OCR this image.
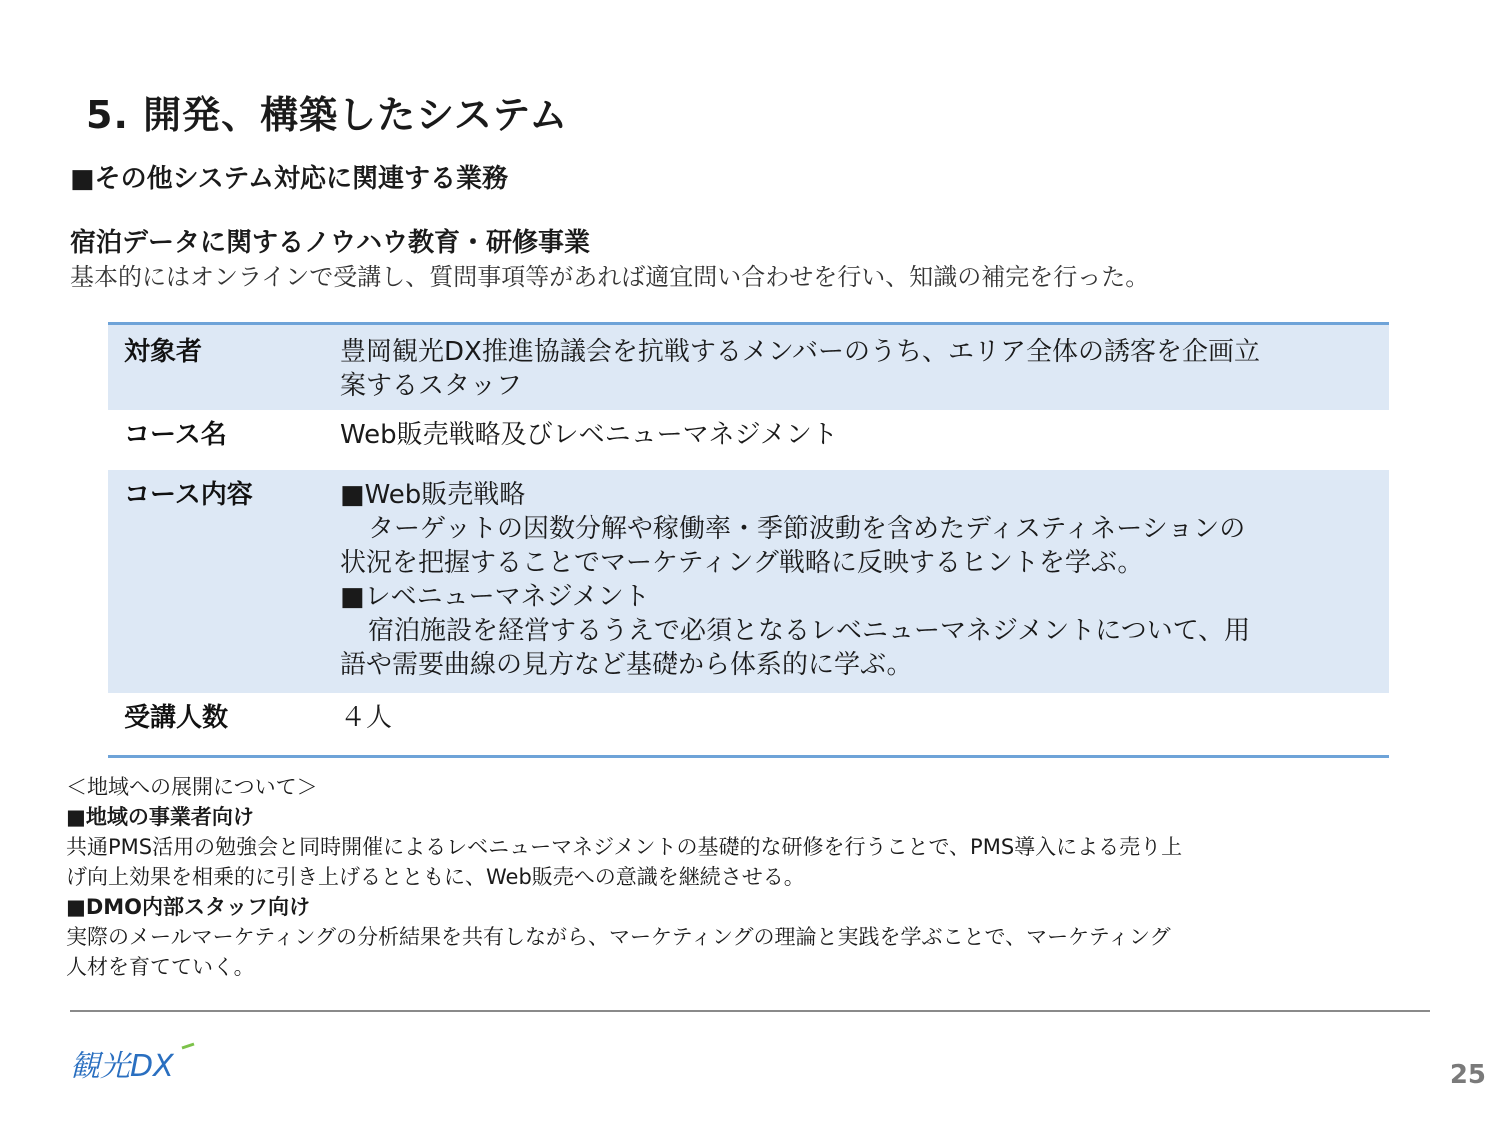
5. 開発、構築したシステム
■その他システム対応に関連する業務
宿泊データに関するノウハウ教育・研修事業
基本的にはオンラインで受講し、質問事項等があれば適宜問い合わせを行い、知識の補完を行った。
対象者	豊岡観光DX推進協議会を抗戦するメンバーのうち、エリア全体の誘客を企画立
案するスタッフ
コース名	Web販売戦略及びレベニューマネジメント
コース内容	■Web販売戦略
ターゲットの因数分解や稼働率・季節波動を含めたディスティネーションの
状況を把握することでマーケティング戦略に反映するヒントを学ぶ。
■レベニューマネジメント
宿泊施設を経営するうえで必須となるレベニューマネジメントについて、用
語や需要曲線の見方など基礎から体系的に学ぶ。
受講人数	４人
＜地域への展開について＞
■地域の事業者向け
共通PMS活用の勉強会と同時開催によるレベニューマネジメントの基礎的な研修を行うことで、PMS導入による売り上
げ向上効果を相乗的に引き上げるとともに、Web販売への意識を継続させる。
■DMO内部スタッフ向け
実際のメールマーケティングの分析結果を共有しながら、マーケティングの理論と実践を学ぶことで、マーケティング
人材を育てていく。
観光DX	25
